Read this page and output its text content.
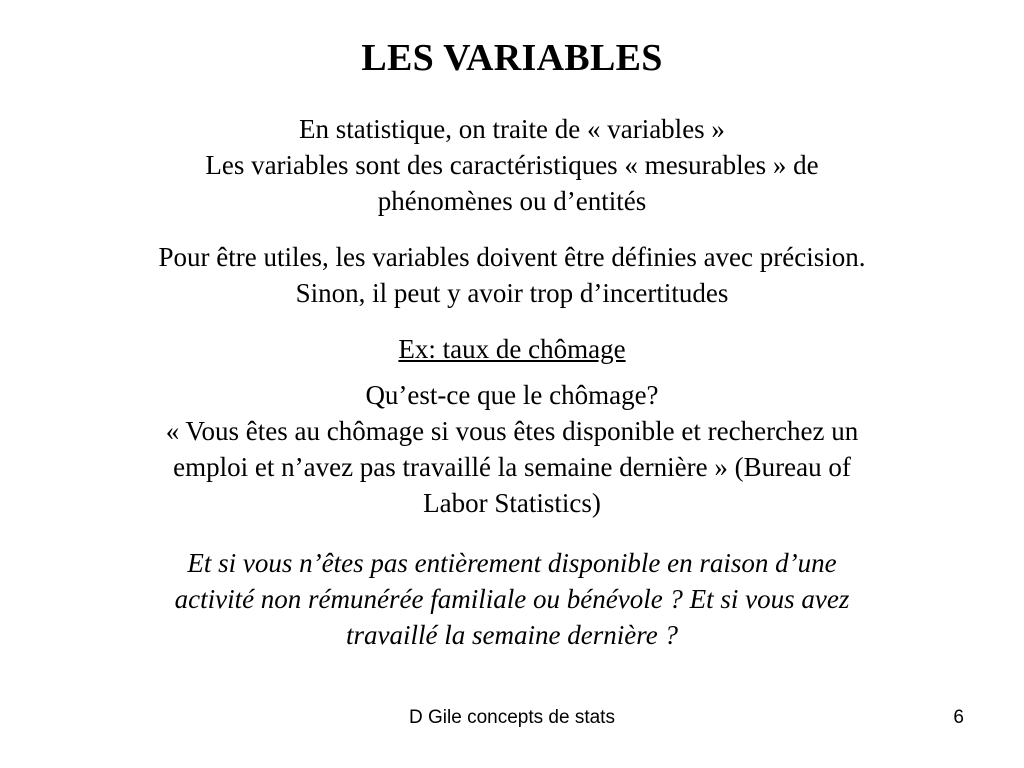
LES VARIABLES
En statistique, on traite de « variables »
Les variables sont des caractéristiques « mesurables » de
phénomènes ou d’entités
Pour être utiles, les variables doivent être définies avec précision.
Sinon, il peut y avoir trop d’incertitudes
Ex: taux de chômage
Qu’est-ce que le chômage?
« Vous êtes au chômage si vous êtes disponible et recherchez un
emploi et n’avez pas travaillé la semaine dernière » (Bureau of
Labor Statistics)
Et si vous n’êtes pas entièrement disponible en raison d’une
activité non rémunérée familiale ou bénévole ? Et si vous avez
travaillé la semaine dernière ?
D Gile concepts de stats	6
